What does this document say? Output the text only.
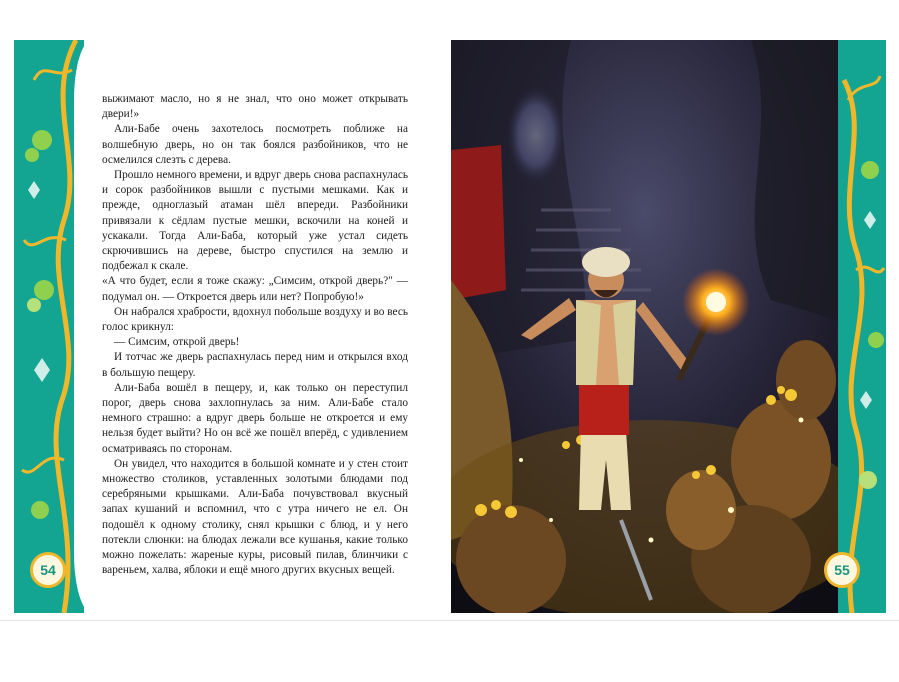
выжимают масло, но я не знал, что оно может открывать двери!»

Али-Бабе очень захотелось посмотреть поближе на волшебную дверь, но он так боялся разбойников, что не осмелился слезть с дерева.

Прошло немного времени, и вдруг дверь снова распахнулась и сорок разбойников вышли с пустыми мешками. Как и прежде, одноглазый атаман шёл впереди. Разбойники привязали к сёдлам пустые мешки, вскочили на коней и ускакали. Тогда Али-Баба, который уже устал сидеть скрючившись на дереве, быстро спустился на землю и подбежал к скале.

«А что будет, если я тоже скажу: „Симсим, открой дверь?" — подумал он. — Откроется дверь или нет? Попробую!»

Он набрался храбрости, вдохнул побольше воздуху и во весь голос крикнул:

— Симсим, открой дверь!

И тотчас же дверь распахнулась перед ним и открылся вход в большую пещеру.

Али-Баба вошёл в пещеру, и, как только он переступил порог, дверь снова захлопнулась за ним. Али-Бабе стало немного страшно: а вдруг дверь больше не откроется и ему нельзя будет выйти? Но он всё же пошёл вперёд, с удивлением осматриваясь по сторонам.

Он увидел, что находится в большой комнате и у стен стоит множество столиков, уставленных золотыми блюдами под серебряными крышками. Али-Баба почувствовал вкусный запах кушаний и вспомнил, что с утра ничего не ел. Он подошёл к одному столику, снял крышки с блюд, и у него потекли слюнки: на блюдах лежали все кушанья, какие только можно пожелать: жареные куры, рисовый пилав, блинчики с вареньем, халва, яблоки и ещё много других вкусных вещей.

54	55
